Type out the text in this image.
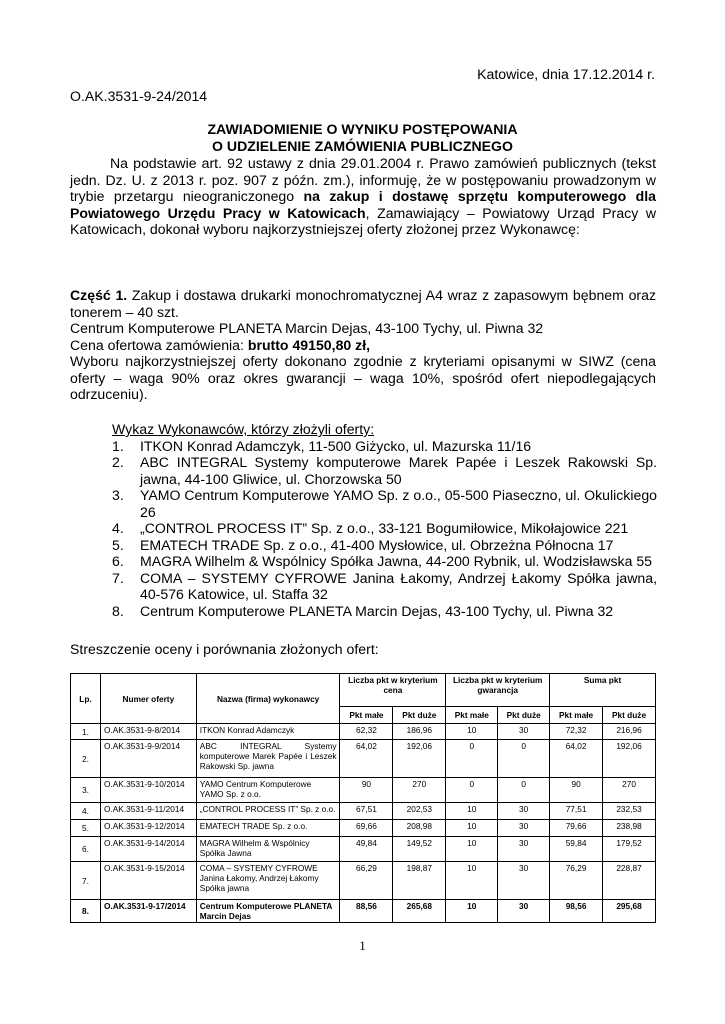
Katowice, dnia 17.12.2014 r.
O.AK.3531-9-24/2014
ZAWIADOMIENIE O WYNIKU POSTĘPOWANIA
O UDZIELENIE ZAMÓWIENIA PUBLICZNEGO
Na podstawie art. 92 ustawy z dnia 29.01.2004 r. Prawo zamówień publicznych (tekst jedn. Dz. U. z 2013 r. poz. 907 z późn. zm.), informuję, że w postępowaniu prowadzonym w trybie przetargu nieograniczonego na zakup i dostawę sprzętu komputerowego dla Powiatowego Urzędu Pracy w Katowicach, Zamawiający – Powiatowy Urząd Pracy w Katowicach, dokonał wyboru najkorzystniejszej oferty złożonej przez Wykonawcę:
Część 1. Zakup i dostawa drukarki monochromatycznej A4 wraz z zapasowym bębnem oraz tonerem – 40 szt.
Centrum Komputerowe PLANETA Marcin Dejas, 43-100 Tychy, ul. Piwna 32
Cena ofertowa zamówienia: brutto 49150,80 zł,
Wyboru najkorzystniejszej oferty dokonano zgodnie z kryteriami opisanymi w SIWZ (cena oferty – waga 90% oraz okres gwarancji – waga 10%, spośród ofert niepodlegających odrzuceniu).
Wykaz Wykonawców, którzy złożyli oferty:
1.	ITKON Konrad Adamczyk, 11-500 Giżycko, ul. Mazurska 11/16
2.	ABC INTEGRAL Systemy komputerowe Marek Papée i Leszek Rakowski Sp. jawna, 44-100 Gliwice, ul. Chorzowska 50
3.	YAMO Centrum Komputerowe YAMO Sp. z o.o., 05-500 Piaseczno, ul. Okulickiego 26
4.	„CONTROL PROCESS IT” Sp. z o.o., 33-121 Bogumiłowice, Mikołajowice 221
5.	EMATECH TRADE Sp. z o.o., 41-400 Mysłowice, ul. Obrzeżna Północna 17
6.	MAGRA Wilhelm & Wspólnicy Spółka Jawna, 44-200 Rybnik, ul. Wodzisławska 55
7.	COMA – SYSTEMY CYFROWE Janina Łakomy, Andrzej Łakomy Spółka jawna, 40-576 Katowice, ul. Staffa 32
8.	Centrum Komputerowe PLANETA Marcin Dejas, 43-100 Tychy, ul. Piwna 32
Streszczenie oceny i porównania złożonych ofert:
Lp.	Numer oferty	Nazwa (firma) wykonawcy	Liczba pkt w kryterium cena		Liczba pkt w kryterium gwarancja		Suma pkt	
			Pkt małe	Pkt duże	Pkt małe	Pkt duże	Pkt małe	Pkt duże
1.	O.AK.3531-9-8/2014	ITKON Konrad Adamczyk	62,32	186,96	10	30	72,32	216,96
2.	O.AK.3531-9-9/2014	ABC INTEGRAL Systemy komputerowe Marek Papée i Leszek Rakowski Sp. jawna	64,02	192,06	0	0	64,02	192,06
3.	O.AK.3531-9-10/2014	YAMO Centrum Komputerowe YAMO Sp. z o.o.	90	270	0	0	90	270
4.	O.AK.3531-9-11/2014	„CONTROL PROCESS IT” Sp. z o.o.	67,51	202,53	10	30	77,51	232,53
5.	O.AK.3531-9-12/2014	EMATECH TRADE Sp. z o.o.	69,66	208,98	10	30	79,66	238,98
6.	O.AK.3531-9-14/2014	MAGRA Wilhelm & Wspólnicy Spółka Jawna	49,84	149,52	10	30	59,84	179,52
7.	O.AK.3531-9-15/2014	COMA – SYSTEMY CYFROWE Janina Łakomy, Andrzej Łakomy Spółka jawna	66,29	198,87	10	30	76,29	228,87
8.	O.AK.3531-9-17/2014	Centrum Komputerowe PLANETA Marcin Dejas	88,56	265,68	10	30	98,56	295,68
1
